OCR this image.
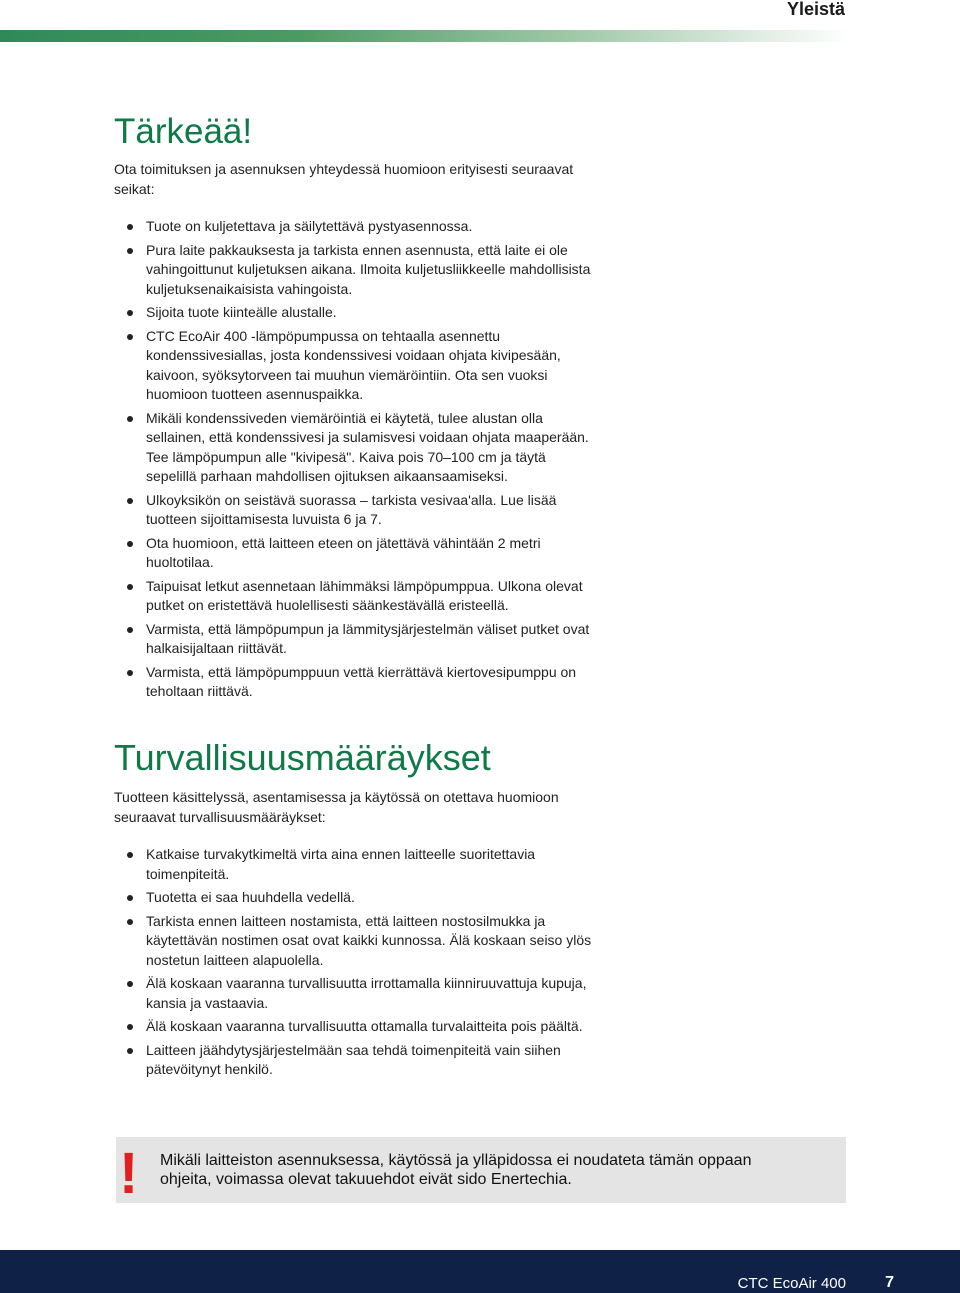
Yleistä
Tärkeää!

Ota toimituksen ja asennuksen yhteydessä huomioon erityisesti seuraavat seikat:

Tuote on kuljetettava ja säilytettävä pystyasennossa.
Pura laite pakkauksesta ja tarkista ennen asennusta, että laite ei ole vahingoittunut kuljetuksen aikana. Ilmoita kuljetusliikkeelle mahdollisista kuljetuksenaikaisista vahingoista.
Sijoita tuote kiinteälle alustalle.
CTC EcoAir 400 -lämpöpumpussa on tehtaalla asennettu kondenssivesiallas, josta kondenssivesi voidaan ohjata kivipesään, kaivoon, syöksytorveen tai muuhun viemäröintiin. Ota sen vuoksi huomioon tuotteen asennuspaikka.
Mikäli kondenssiveden viemäröintiä ei käytetä, tulee alustan olla sellainen, että kondenssivesi ja sulamisvesi voidaan ohjata maaperään. Tee lämpöpumpun alle "kivipesä". Kaiva pois 70–100 cm ja täytä sepelillä parhaan mahdollisen ojituksen aikaansaamiseksi.
Ulkoyksikön on seistävä suorassa – tarkista vesivaa'alla. Lue lisää tuotteen sijoittamisesta luvuista 6 ja 7.
Ota huomioon, että laitteen eteen on jätettävä vähintään 2 metri huoltotilaa.
Taipuisat letkut asennetaan lähimmäksi lämpöpumppua. Ulkona olevat putket on eristettävä huolellisesti säänkestävällä eristeellä.
Varmista, että lämpöpumpun ja lämmitysjärjestelmän väliset putket ovat halkaisijaltaan riittävät.
Varmista, että lämpöpumppuun vettä kierrättävä kiertovesipumppu on teholtaan riittävä.
Turvallisuusmääräykset

Tuotteen käsittelyssä, asentamisessa ja käytössä on otettava huomioon seuraavat turvallisuusmääräykset:

Katkaise turvakytkimeltä virta aina ennen laitteelle suoritettavia toimenpiteitä.
Tuotetta ei saa huuhdella vedellä.
Tarkista ennen laitteen nostamista, että laitteen nostosilmukka ja käytettävän nostimen osat ovat kaikki kunnossa. Älä koskaan seiso ylös nostetun laitteen alapuolella.
Älä koskaan vaaranna turvallisuutta irrottamalla kiinniruuvattuja kupuja, kansia ja vastaavia.
Älä koskaan vaaranna turvallisuutta ottamalla turvalaitteita pois päältä.
Laitteen jäähdytysjärjestelmään saa tehdä toimenpiteitä vain siihen pätevöitynyt henkilö.
! Mikäli laitteiston asennuksessa, käytössä ja ylläpidossa ei noudateta tämän oppaan ohjeita, voimassa olevat takuuehdot eivät sido Enertechia.
CTC EcoAir 400 7
